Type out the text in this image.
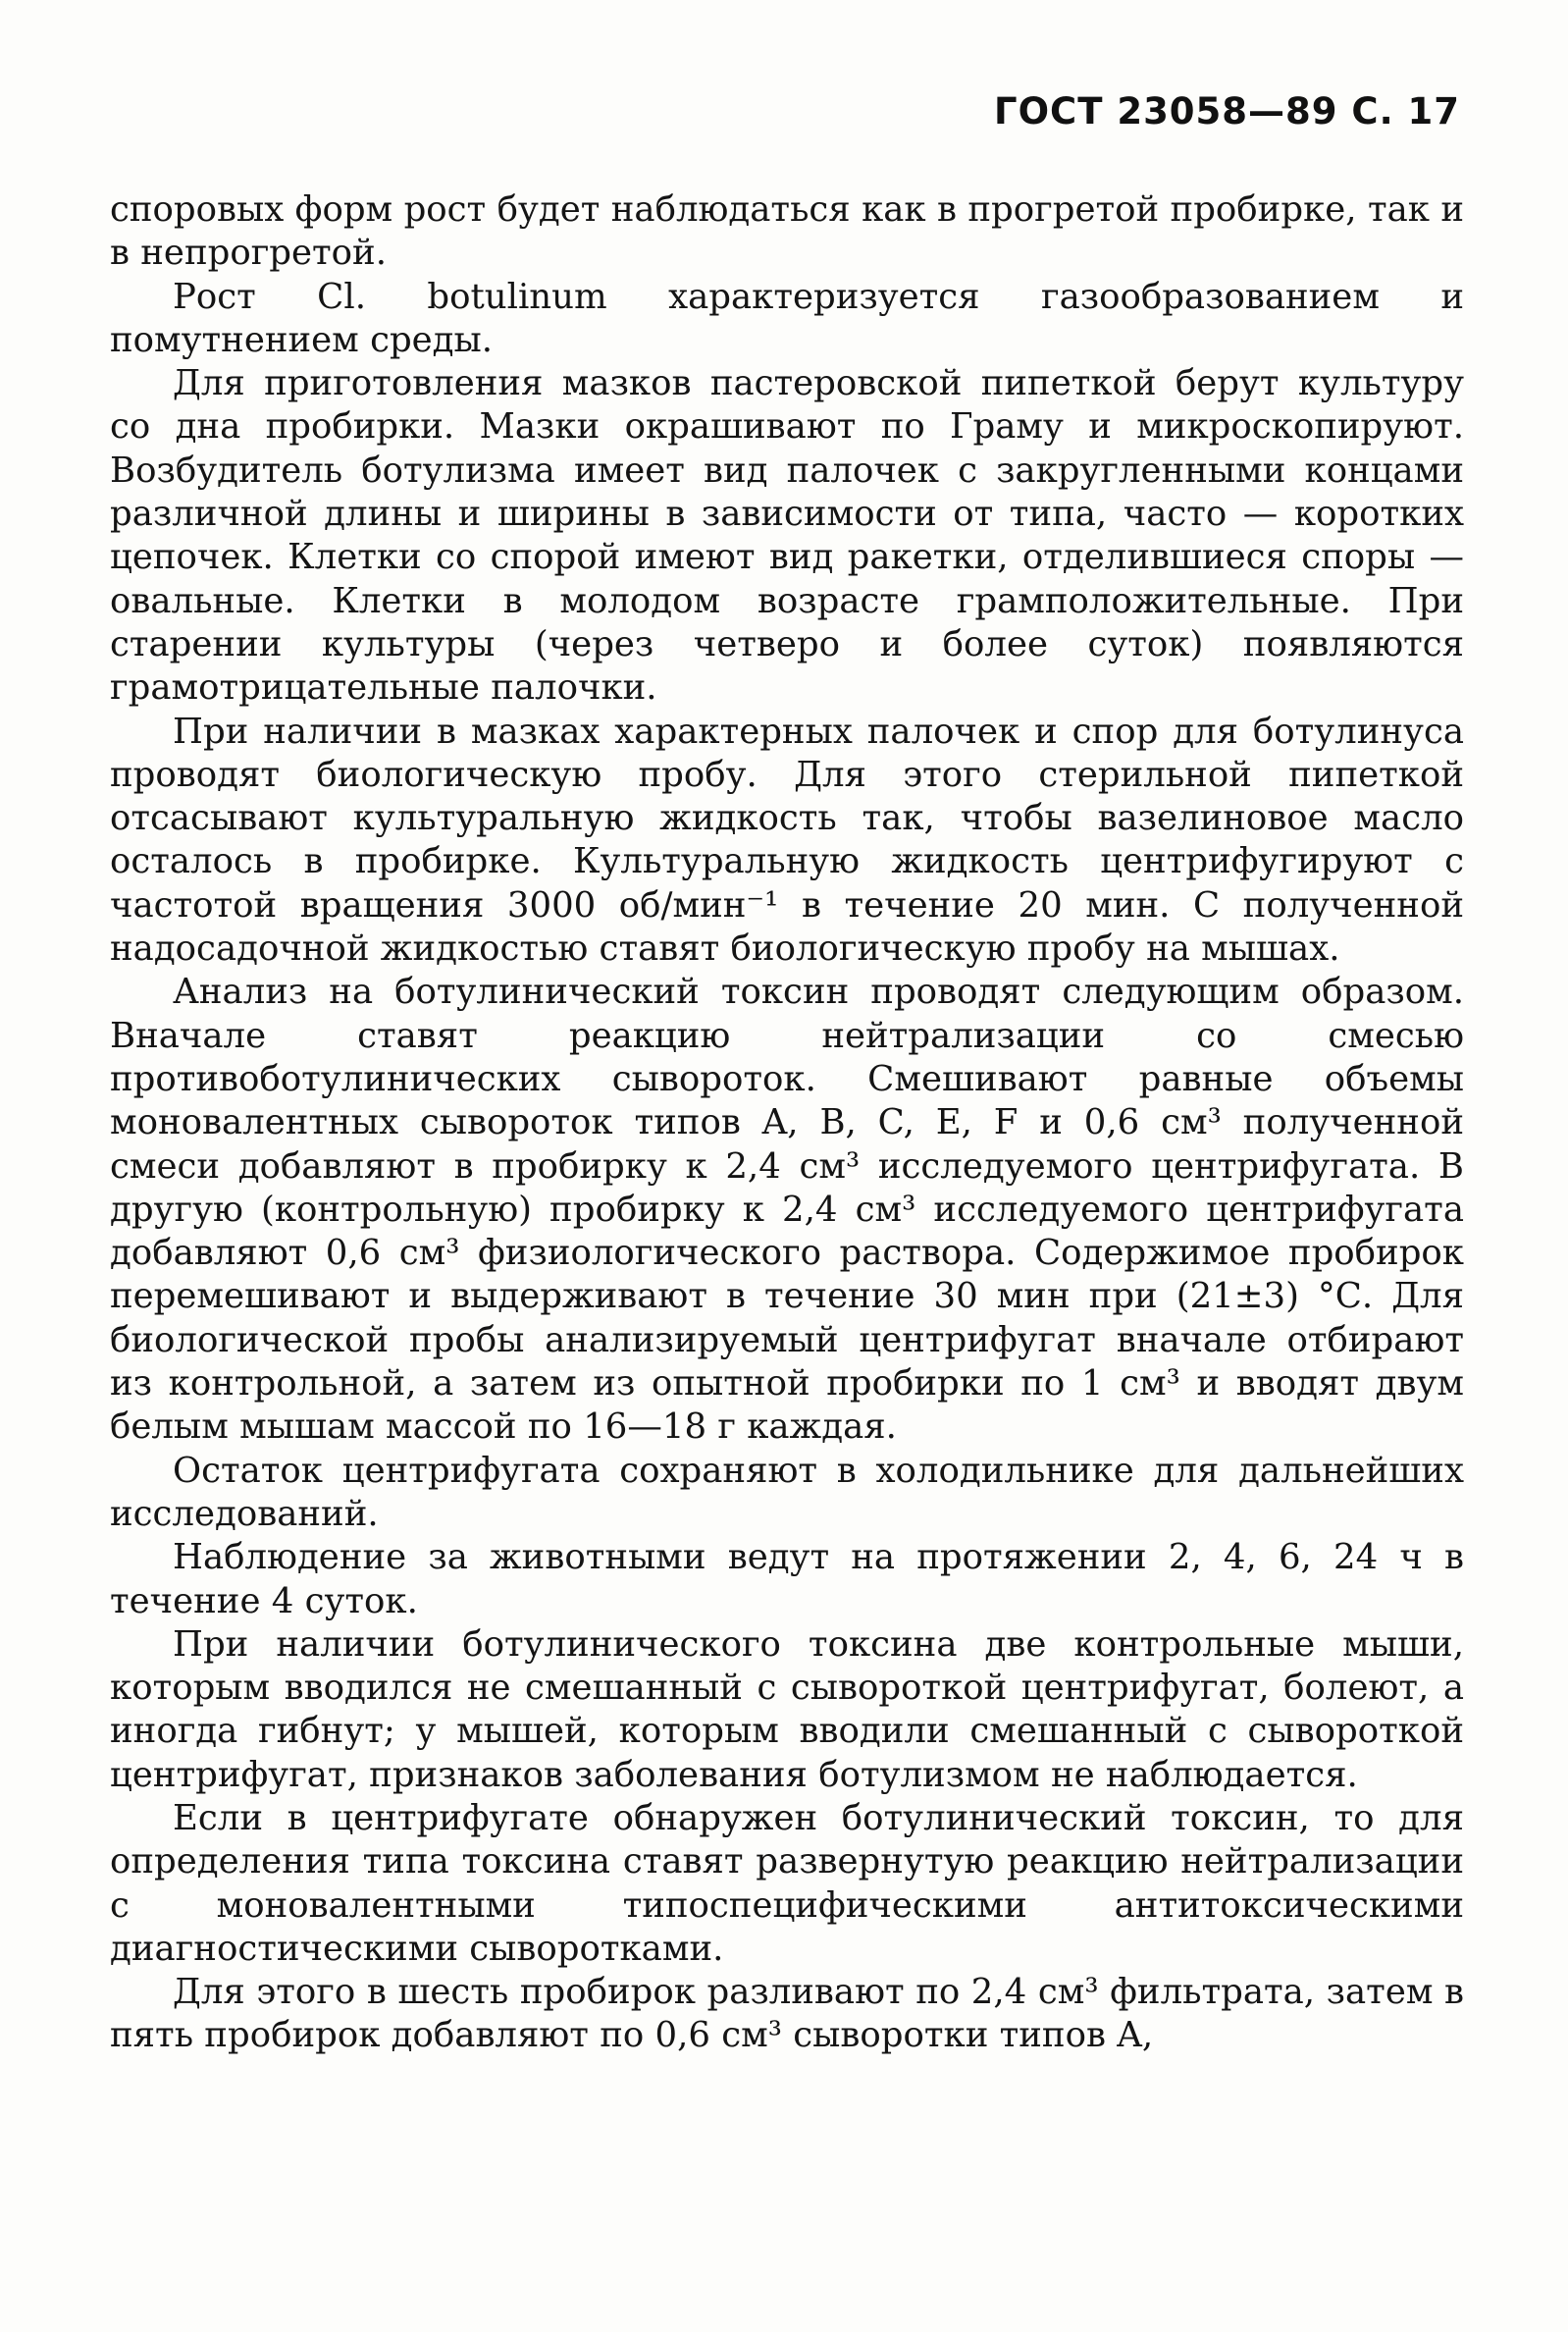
ГОСТ 23058—89 С. 17

споровых форм рост будет наблюдаться как в прогретой пробирке, так и в непрогретой.

Рост Cl. botulinum характеризуется газообразованием и помутнением среды.

Для приготовления мазков пастеровской пипеткой берут культуру со дна пробирки. Мазки окрашивают по Граму и микроскопируют. Возбудитель ботулизма имеет вид палочек с закругленными концами различной длины и ширины в зависимости от типа, часто — коротких цепочек. Клетки со спорой имеют вид ракетки, отделившиеся споры — овальные. Клетки в молодом возрасте грамположительные. При старении культуры (через четверо и более суток) появляются грамотрицательные палочки.

При наличии в мазках характерных палочек и спор для ботулинуса проводят биологическую пробу. Для этого стерильной пипеткой отсасывают культуральную жидкость так, чтобы вазелиновое масло осталось в пробирке. Культуральную жидкость центрифугируют с частотой вращения 3000 об/мин⁻¹ в течение 20 мин. С полученной надосадочной жидкостью ставят биологическую пробу на мышах.

Анализ на ботулинический токсин проводят следующим образом. Вначале ставят реакцию нейтрализации со смесью противоботулинических сывороток. Смешивают равные объемы моновалентных сывороток типов A, B, C, E, F и 0,6 см³ полученной смеси добавляют в пробирку к 2,4 см³ исследуемого центрифугата. В другую (контрольную) пробирку к 2,4 см³ исследуемого центрифугата добавляют 0,6 см³ физиологического раствора. Содержимое пробирок перемешивают и выдерживают в течение 30 мин при (21±3) °С. Для биологической пробы анализируемый центрифугат вначале отбирают из контрольной, а затем из опытной пробирки по 1 см³ и вводят двум белым мышам массой по 16—18 г каждая.

Остаток центрифугата сохраняют в холодильнике для дальнейших исследований.

Наблюдение за животными ведут на протяжении 2, 4, 6, 24 ч в течение 4 суток.

При наличии ботулинического токсина две контрольные мыши, которым вводился не смешанный с сывороткой центрифугат, болеют, а иногда гибнут; у мышей, которым вводили смешанный с сывороткой центрифугат, признаков заболевания ботулизмом не наблюдается.

Если в центрифугате обнаружен ботулинический токсин, то для определения типа токсина ставят развернутую реакцию нейтрализации с моновалентными типоспецифическими антитоксическими диагностическими сыворотками.

Для этого в шесть пробирок разливают по 2,4 см³ фильтрата, затем в пять пробирок добавляют по 0,6 см³ сыворотки типов A,
